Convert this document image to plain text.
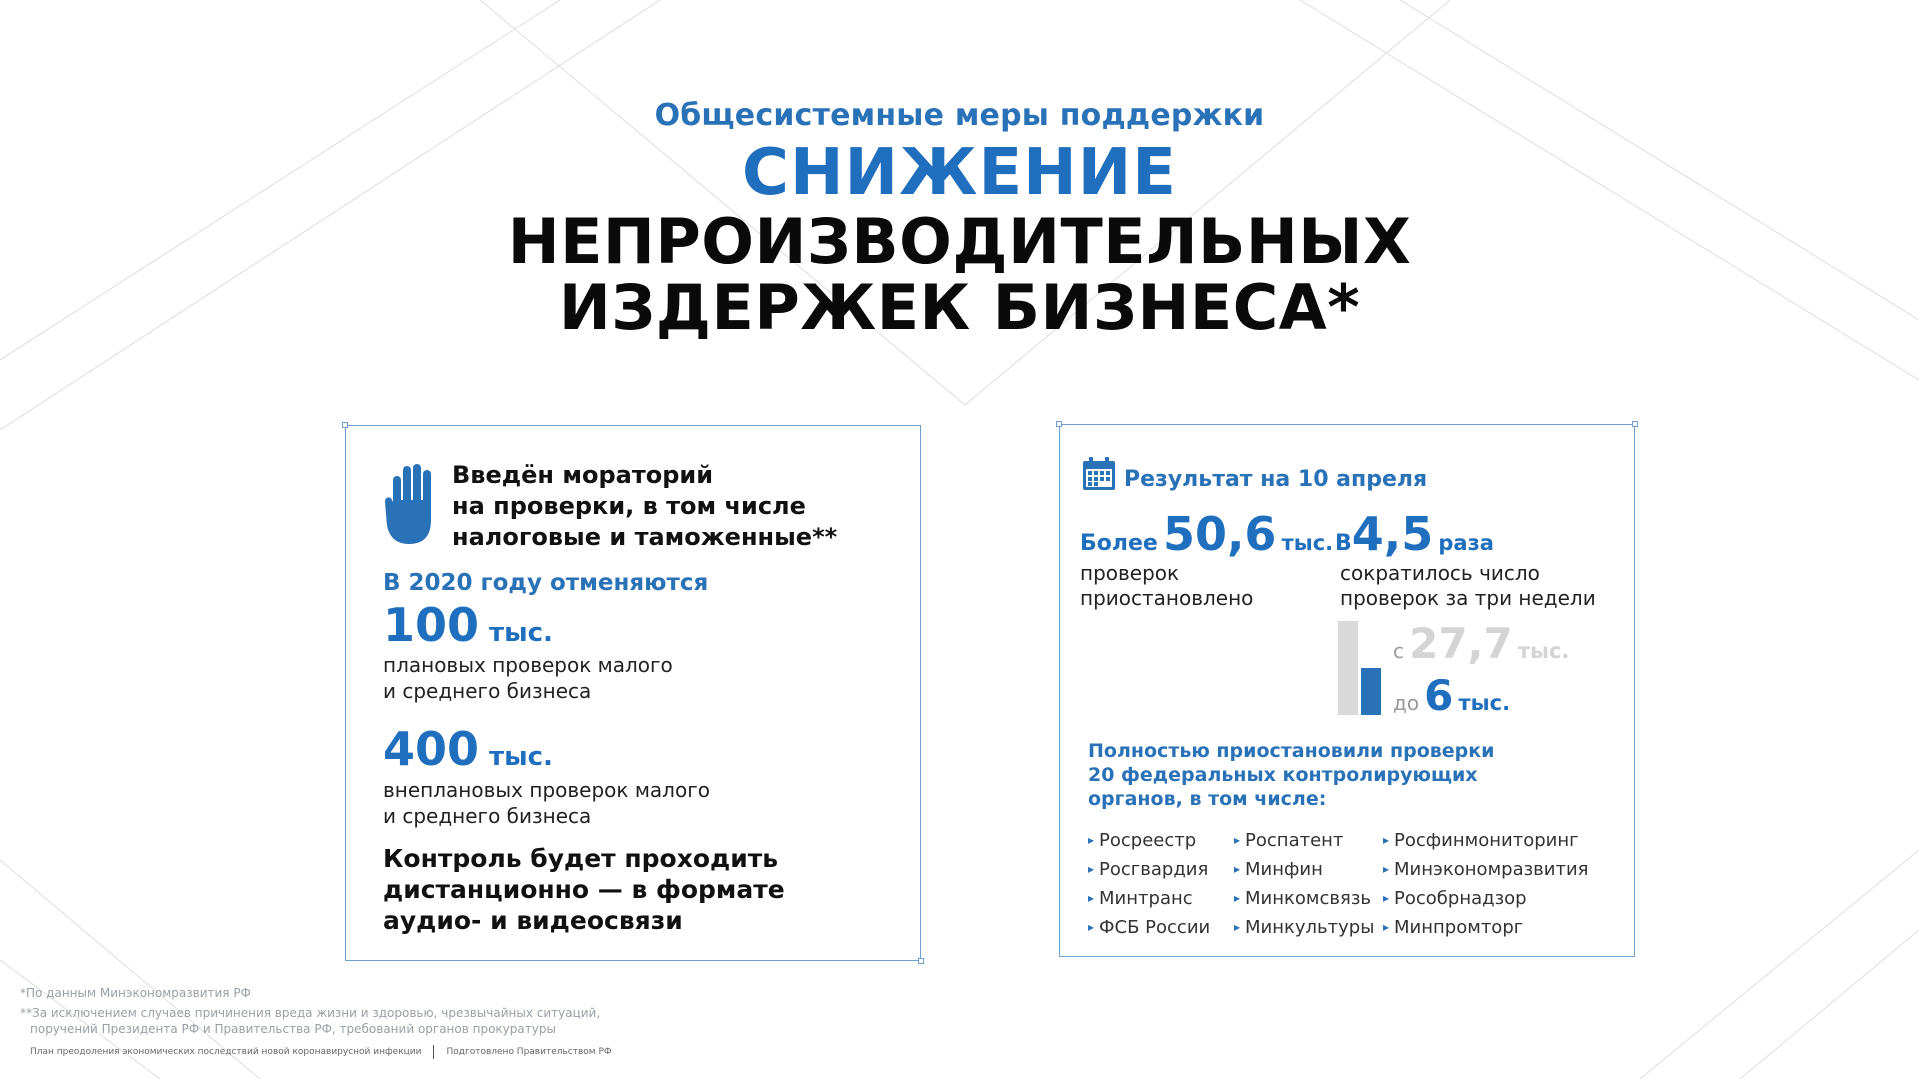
Общесистемные меры поддержки
СНИЖЕНИЕ
НЕПРОИЗВОДИТЕЛЬНЫХ
ИЗДЕРЖЕК БИЗНЕСА*
Введён мораторий
на проверки, в том числе
налоговые и таможенные**
В 2020 году отменяются
100 тыс.
плановых проверок малого
и среднего бизнеса
400 тыс.
внеплановых проверок малого
и среднего бизнеса
Контроль будет проходить
дистанционно — в формате
аудио- и видеосвязи
Результат на 10 апреля
Более 50,6 тыс.
проверок
приостановлено
В4,5 раза
сократилось число
проверок за три недели
с 27,7 тыс.
до 6 тыс.
Полностью приостановили проверки
20 федеральных контролирующих
органов, в том числе:
▸ Росреестр
▸ Росгвардия
▸ Минтранс
▸ ФСБ России
▸ Роспатент
▸ Минфин
▸ Минкомсвязь
▸ Минкультуры
▸ Росфинмониторинг
▸ Минэкономразвития
▸ Рособрнадзор
▸ Минпромторг
*По данным Минэкономразвития РФ
**За исключением случаев причинения вреда жизни и здоровью, чрезвычайных ситуаций,
поручений Президента РФ и Правительства РФ, требований органов прокуратуры
План преодоления экономических последствий новой коронавирусной инфекции	Подготовлено Правительством РФ
